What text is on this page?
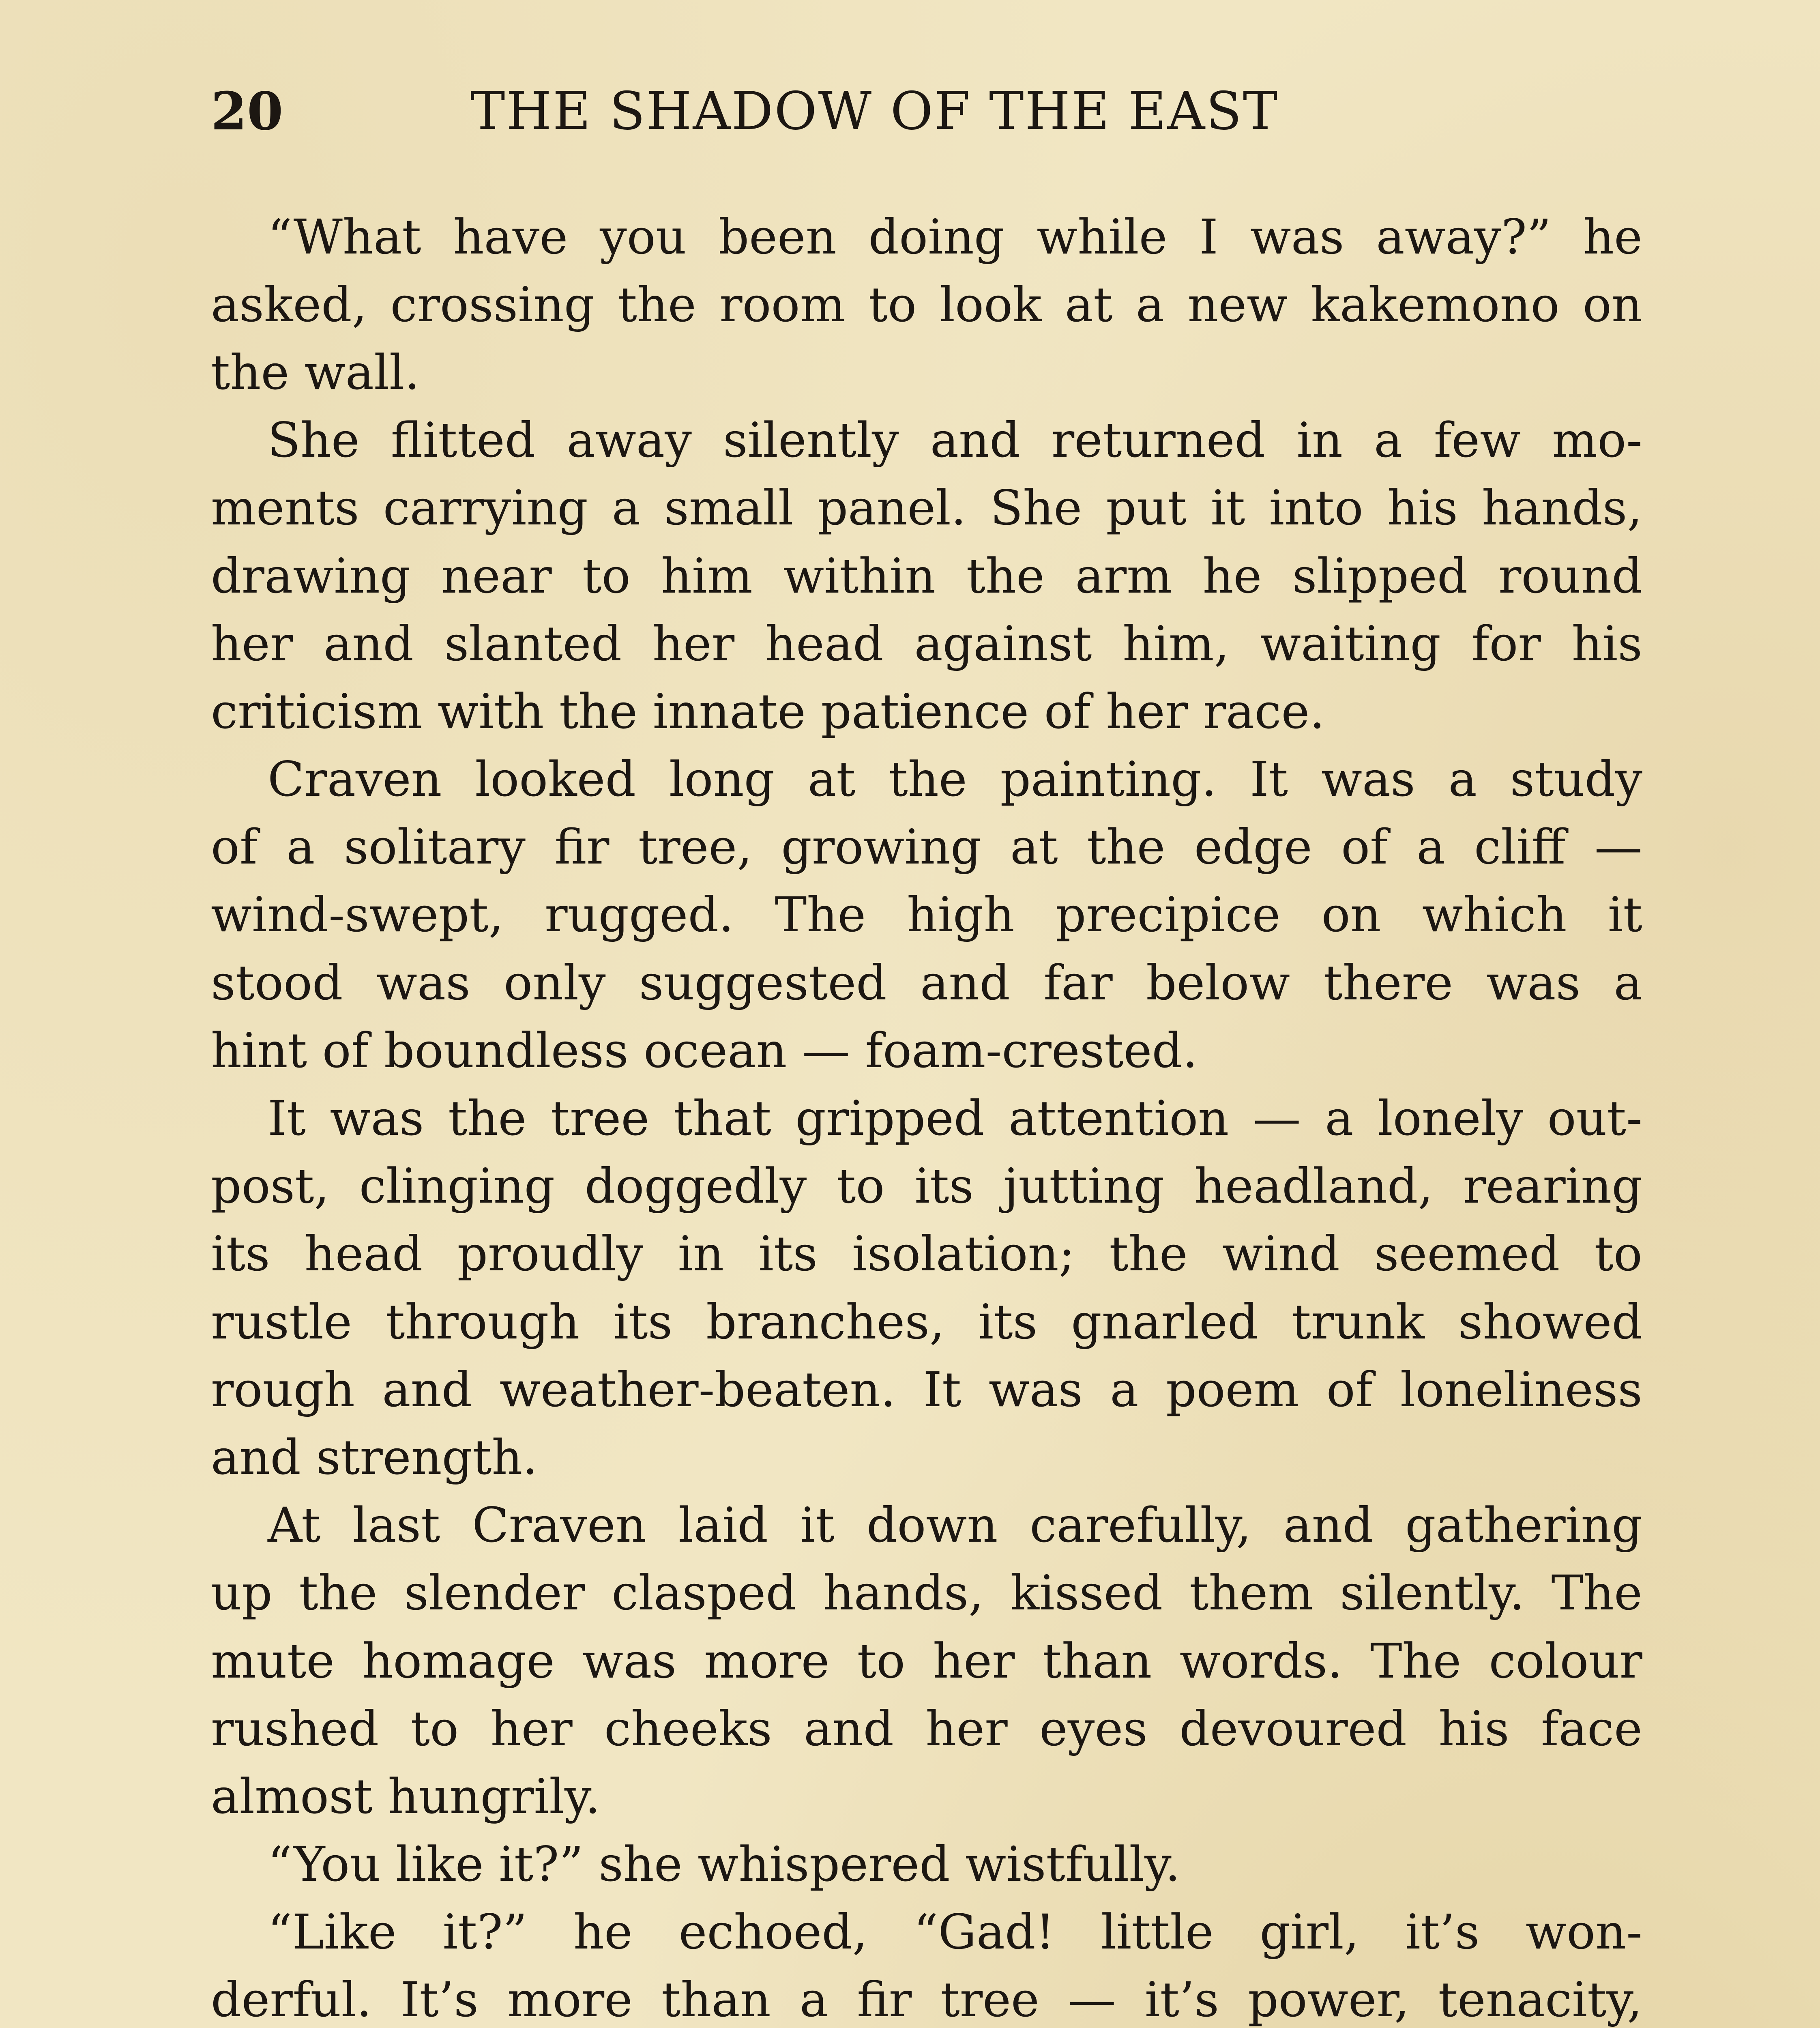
20	THE SHADOW OF THE EAST
“What have you been doing while I was away?” he
asked, crossing the room to look at a new kakemono on
the wall.
She flitted away silently and returned in a few mo-
ments carrying a small panel. She put it into his hands,
drawing near to him within the arm he slipped round
her and slanted her head against him, waiting for his
criticism with the innate patience of her race.
Craven looked long at the painting. It was a study
of a solitary fir tree, growing at the edge of a cliff —
wind-swept, rugged. The high precipice on which it
stood was only suggested and far below there was a
hint of boundless ocean — foam-crested.
It was the tree that gripped attention — a lonely out-
post, clinging doggedly to its jutting headland, rearing
its head proudly in its isolation; the wind seemed to
rustle through its branches, its gnarled trunk showed
rough and weather-beaten. It was a poem of loneliness
and strength.
At last Craven laid it down carefully, and gathering
up the slender clasped hands, kissed them silently. The
mute homage was more to her than words. The colour
rushed to her cheeks and her eyes devoured his face
almost hungrily.
“You like it?” she whispered wistfully.
“Like it?” he echoed, “Gad! little girl, it’s won-
derful. It’s more than a fir tree — it’s power, tenacity,
